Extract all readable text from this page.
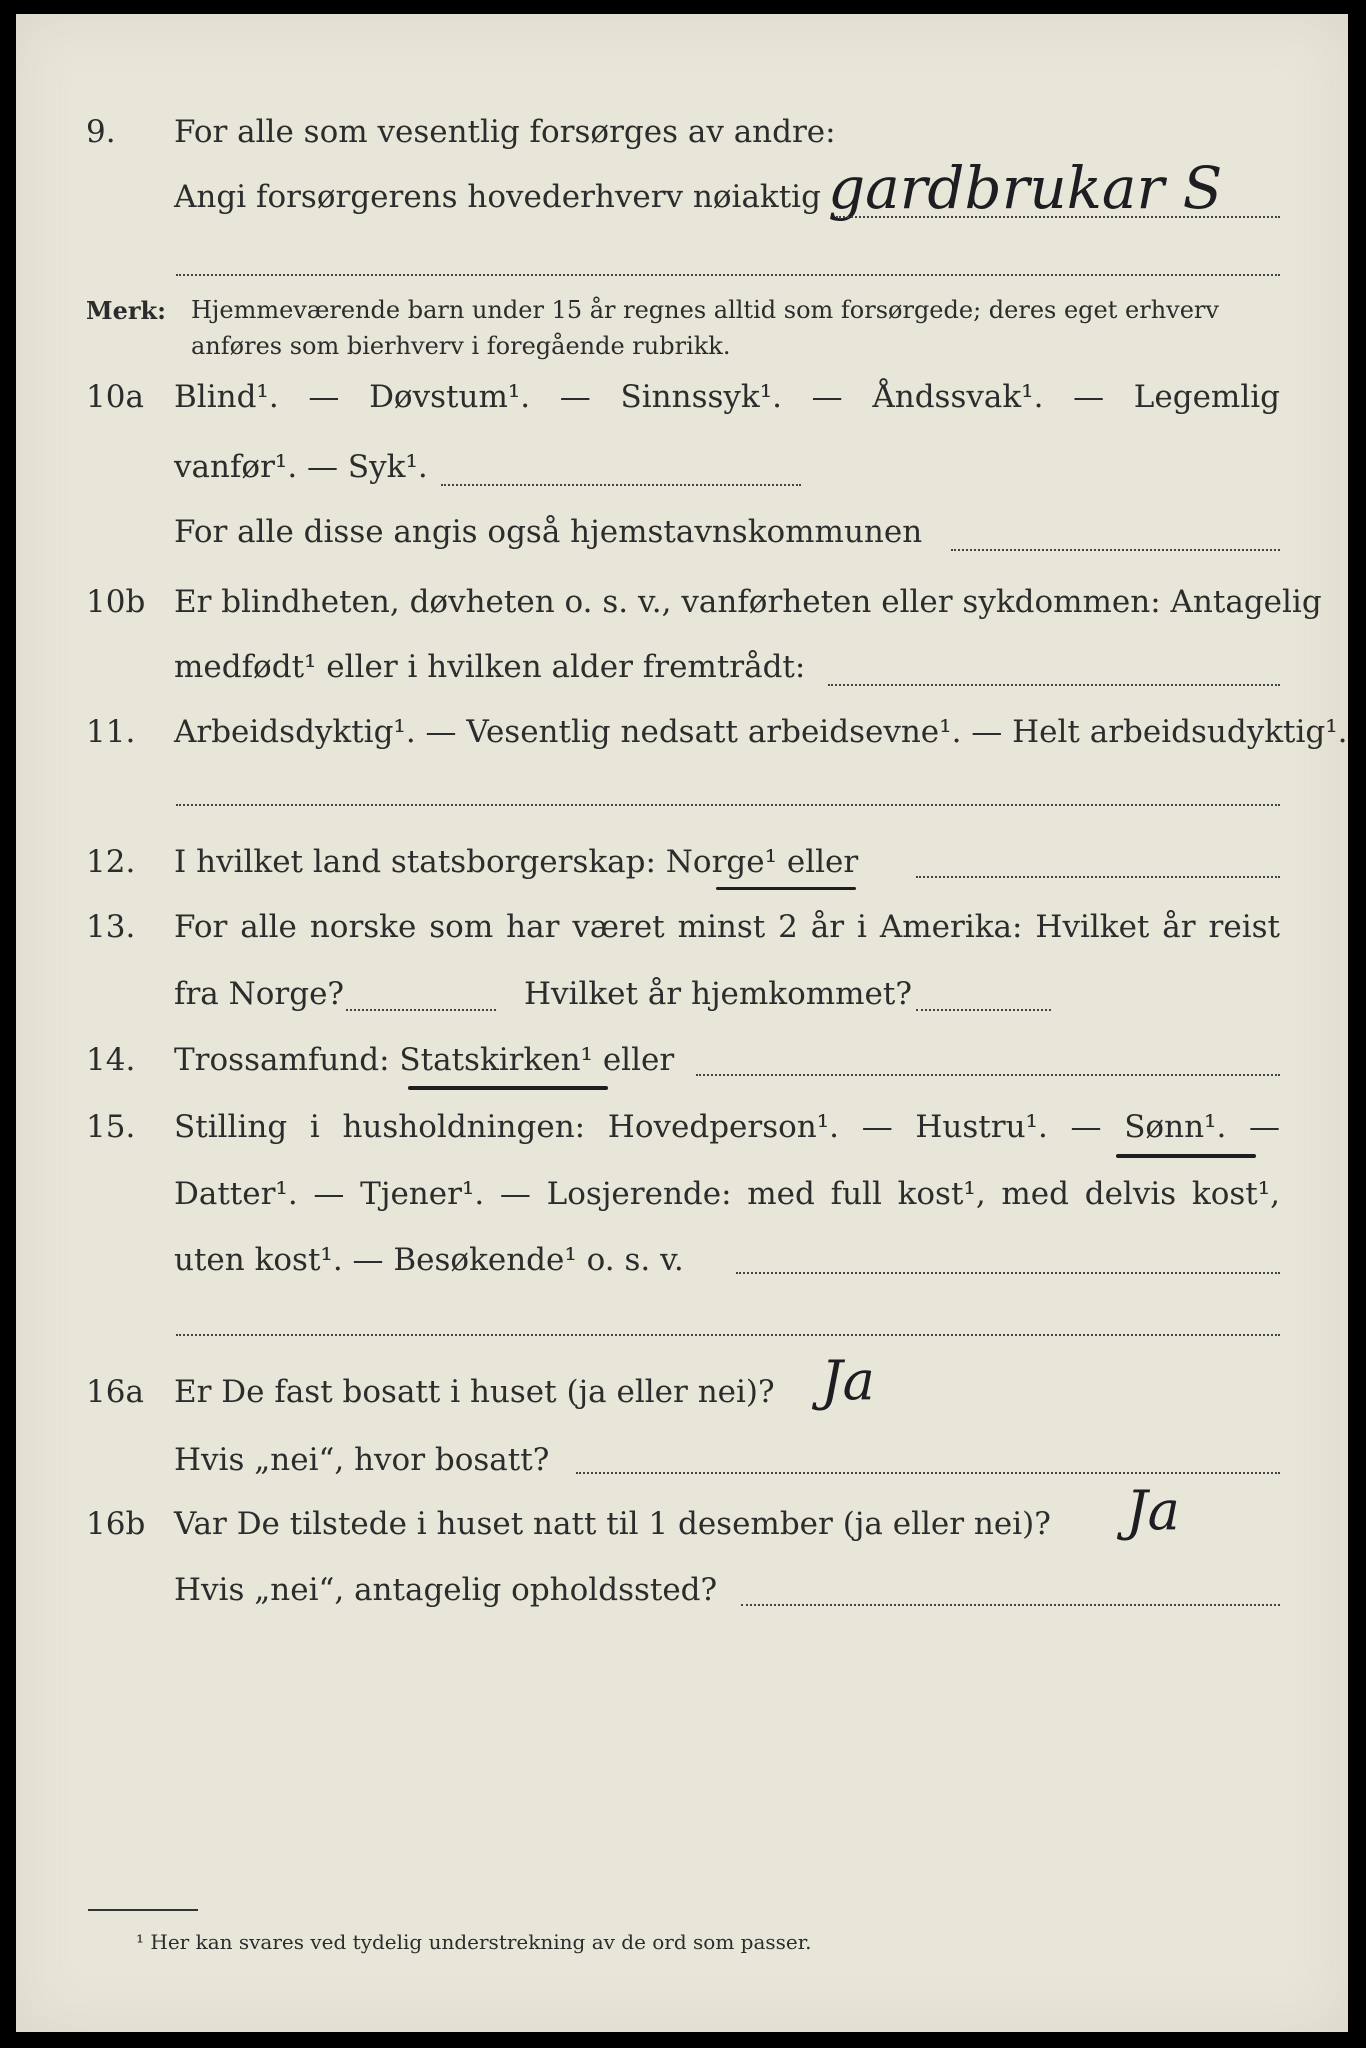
9. For alle som vesentlig forsørges av andre:
Angi forsørgerens hovederhverv nøiaktig gardbrukar S
Merk: Hjemmeværende barn under 15 år regnes alltid som forsørgede; deres eget erhverv anføres som bierhverv i foregående rubrikk.
10a Blind¹. — Døvstum¹. — Sinnssyk¹. — Åndssvak¹. — Legemlig
vanfør¹. — Syk¹.
For alle disse angis også hjemstavnskommunen
10b Er blindheten, døvheten o. s. v., vanførheten eller sykdommen: Antagelig
medfødt¹ eller i hvilken alder fremtrådt:
11. Arbeidsdyktig¹. — Vesentlig nedsatt arbeidsevne¹. — Helt arbeidsudyktig¹.
12. I hvilket land statsborgerskap: Norge¹ eller
13. For alle norske som har været minst 2 år i Amerika: Hvilket år reist
fra Norge?	Hvilket år hjemkommet?
14. Trossamfund: Statskirken¹ eller
15. Stilling i husholdningen: Hovedperson¹. — Hustru¹. — Sønn¹. —
Datter¹. — Tjener¹. — Losjerende: med full kost¹, med delvis kost¹,
uten kost¹. — Besøkende¹ o. s. v.
16a Er De fast bosatt i huset (ja eller nei)? Ja
Hvis „nei“, hvor bosatt?
16b Var De tilstede i huset natt til 1 desember (ja eller nei)?	Ja
Hvis „nei“, antagelig opholdssted?
¹ Her kan svares ved tydelig understrekning av de ord som passer.
